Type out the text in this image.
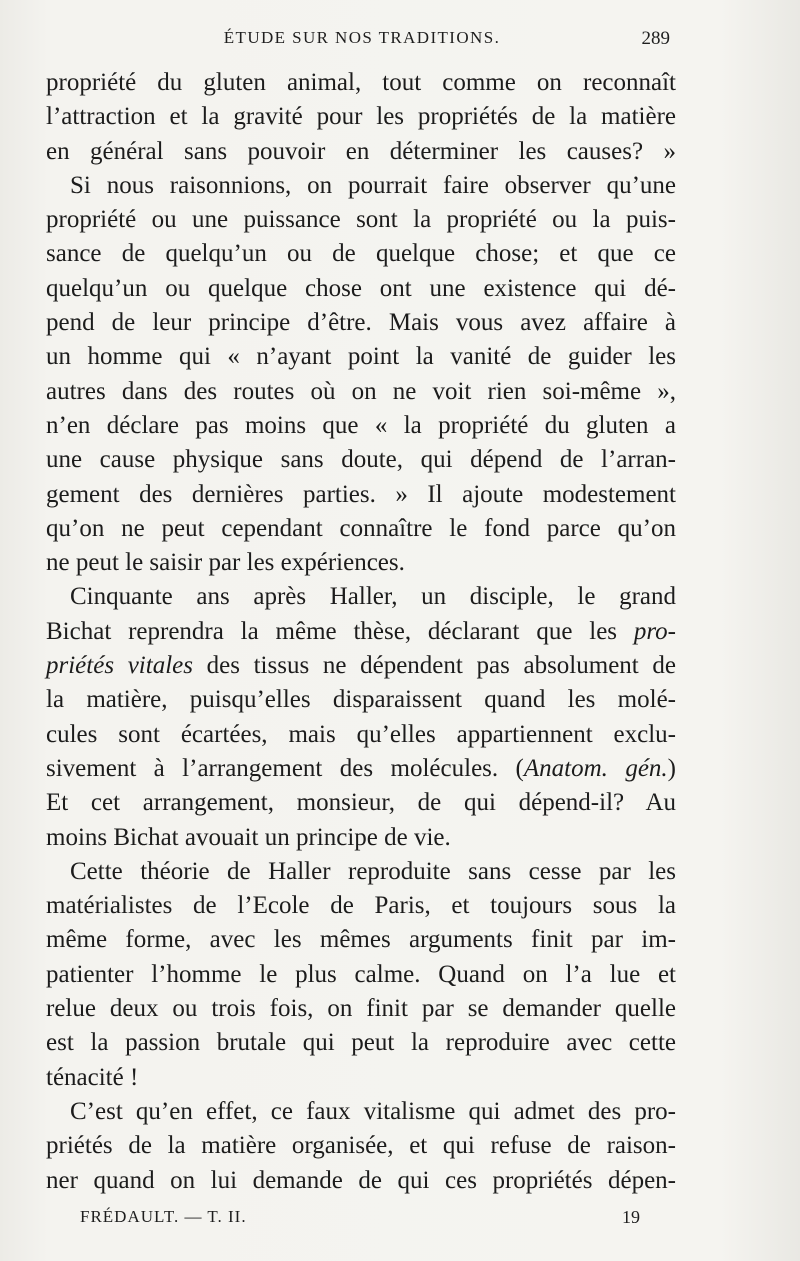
ÉTUDE SUR NOS TRADITIONS.	289
propriété du gluten animal, tout comme on reconnaît
l’attraction et la gravité pour les propriétés de la matière
en général sans pouvoir en déterminer les causes? »
Si nous raisonnions, on pourrait faire observer qu’une
propriété ou une puissance sont la propriété ou la puis-
sance de quelqu’un ou de quelque chose; et que ce
quelqu’un ou quelque chose ont une existence qui dé-
pend de leur principe d’être. Mais vous avez affaire à
un homme qui « n’ayant point la vanité de guider les
autres dans des routes où on ne voit rien soi-même »,
n’en déclare pas moins que « la propriété du gluten a
une cause physique sans doute, qui dépend de l’arran-
gement des dernières parties. » Il ajoute modestement
qu’on ne peut cependant connaître le fond parce qu’on
ne peut le saisir par les expériences.
Cinquante ans après Haller, un disciple, le grand
Bichat reprendra la même thèse, déclarant que les pro-
priétés vitales des tissus ne dépendent pas absolument de
la matière, puisqu’elles disparaissent quand les molé-
cules sont écartées, mais qu’elles appartiennent exclu-
sivement à l’arrangement des molécules. (Anatom. gén.)
Et cet arrangement, monsieur, de qui dépend-il? Au
moins Bichat avouait un principe de vie.
Cette théorie de Haller reproduite sans cesse par les
matérialistes de l’Ecole de Paris, et toujours sous la
même forme, avec les mêmes arguments finit par im-
patienter l’homme le plus calme. Quand on l’a lue et
relue deux ou trois fois, on finit par se demander quelle
est la passion brutale qui peut la reproduire avec cette
ténacité !
C’est qu’en effet, ce faux vitalisme qui admet des pro-
priétés de la matière organisée, et qui refuse de raison-
ner quand on lui demande de qui ces propriétés dépen-
FRÉDAULT. — T. II.	19
